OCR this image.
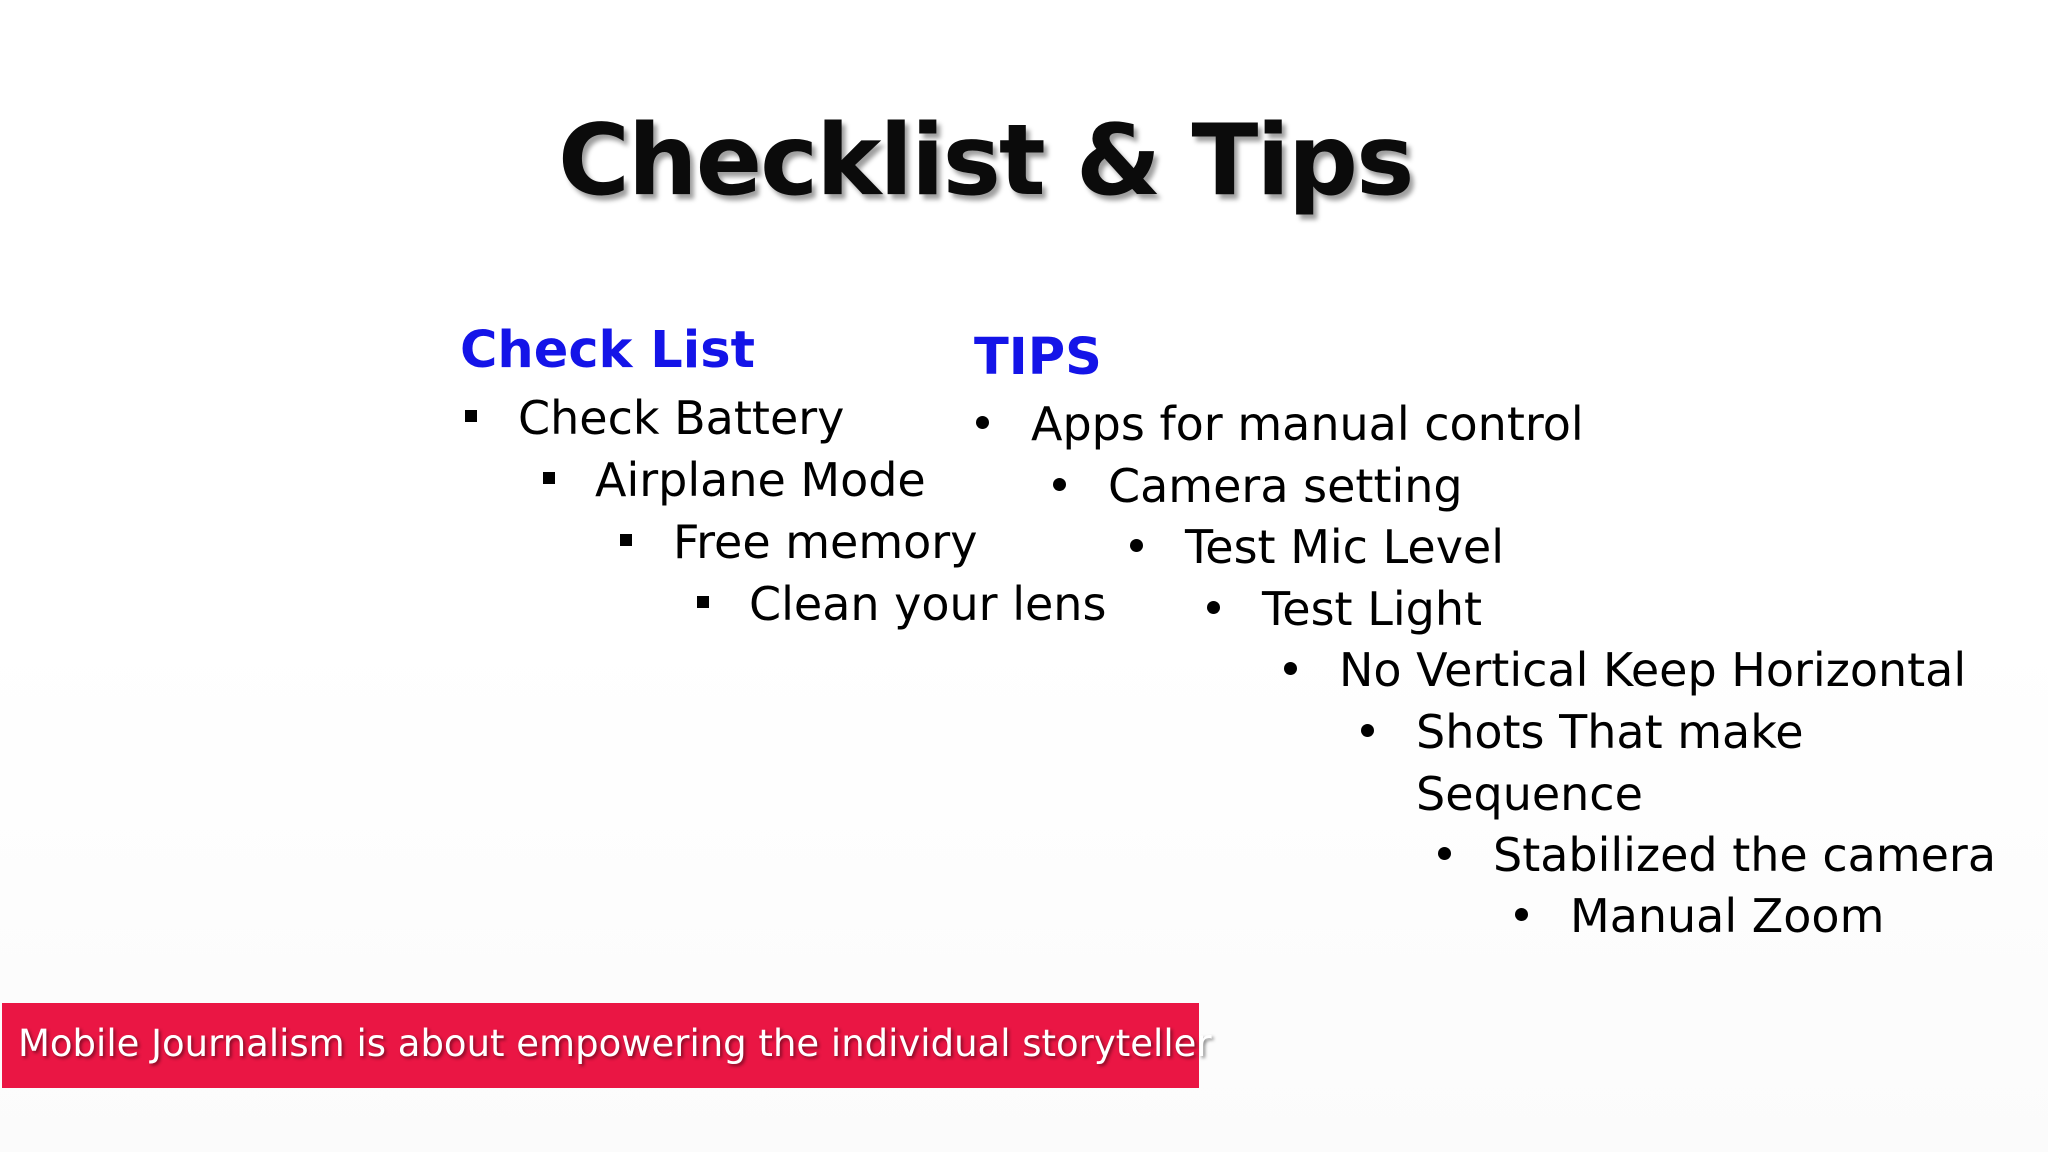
Checklist & Tips
Check List
Check Battery
Airplane Mode
Free memory
Clean your lens
TIPS
Apps for manual control
Camera setting
Test Mic Level
Test Light
No Vertical Keep Horizontal
Shots That make
Sequence
Stabilized the camera
Manual Zoom
Mobile Journalism is about empowering the individual storyteller
